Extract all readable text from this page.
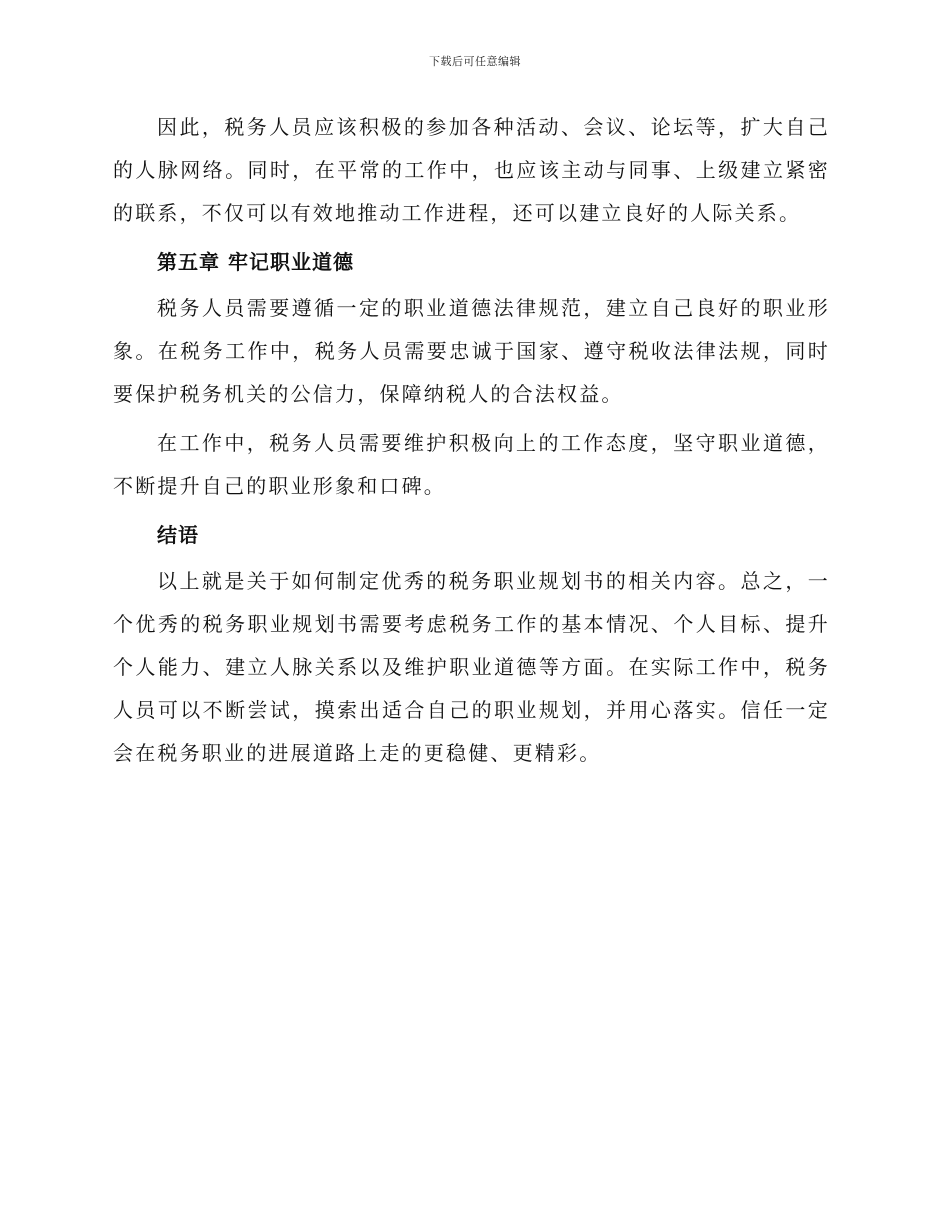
下载后可任意编辑

因此，税务人员应该积极的参加各种活动、会议、论坛等，扩大自己的人脉网络。同时，在平常的工作中，也应该主动与同事、上级建立紧密的联系，不仅可以有效地推动工作进程，还可以建立良好的人际关系。

第五章 牢记职业道德

税务人员需要遵循一定的职业道德法律规范，建立自己良好的职业形象。在税务工作中，税务人员需要忠诚于国家、遵守税收法律法规，同时要保护税务机关的公信力，保障纳税人的合法权益。

在工作中，税务人员需要维护积极向上的工作态度，坚守职业道德，不断提升自己的职业形象和口碑。

结语

以上就是关于如何制定优秀的税务职业规划书的相关内容。总之，一个优秀的税务职业规划书需要考虑税务工作的基本情况、个人目标、提升个人能力、建立人脉关系以及维护职业道德等方面。在实际工作中，税务人员可以不断尝试，摸索出适合自己的职业规划，并用心落实。信任一定会在税务职业的进展道路上走的更稳健、更精彩。
